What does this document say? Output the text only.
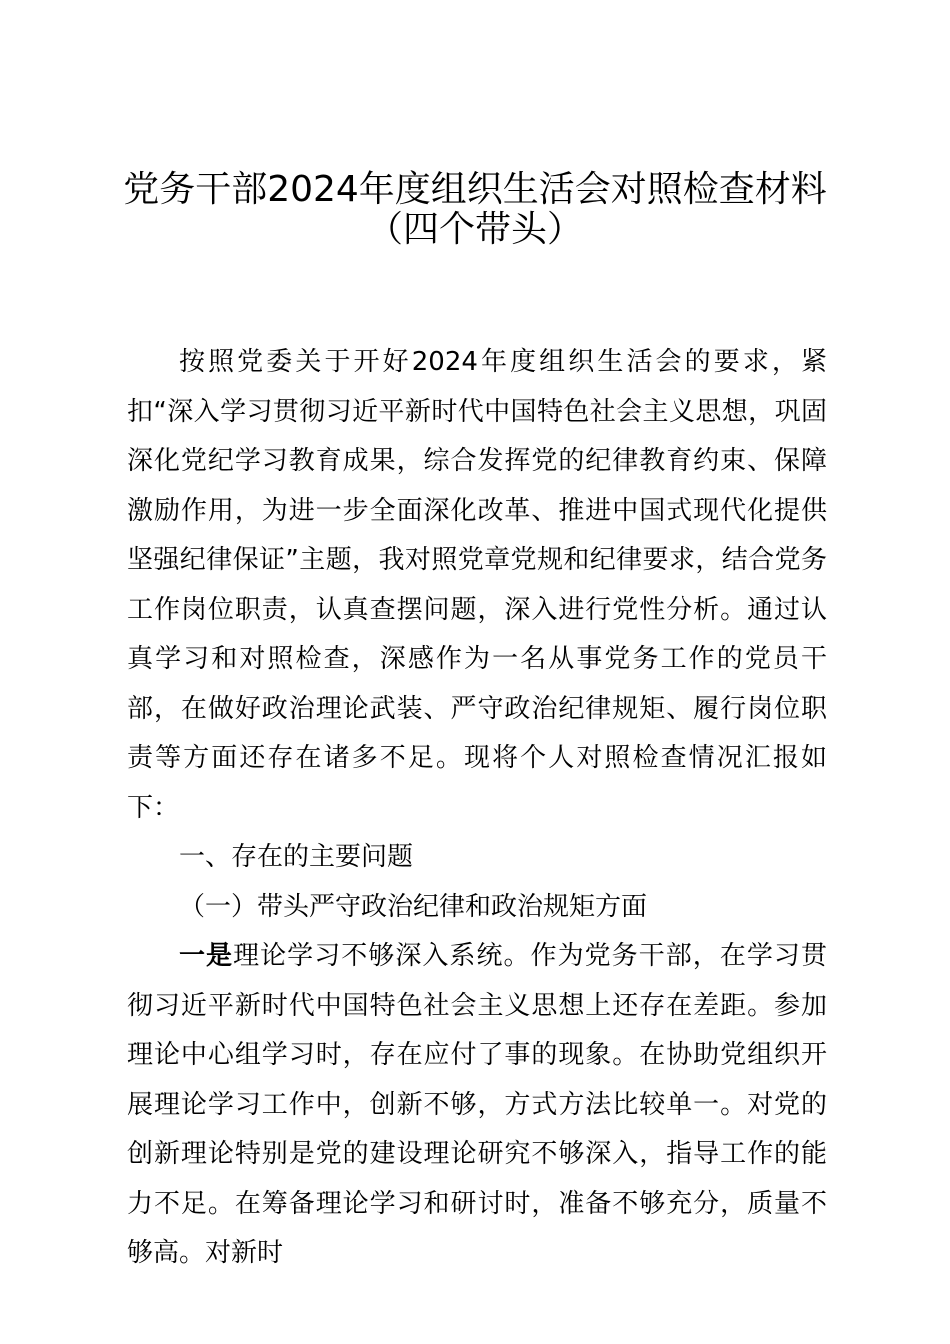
党务干部2024年度组织生活会对照检查材料
（四个带头）

按照党委关于开好2024年度组织生活会的要求，紧扣“深入学习贯彻习近平新时代中国特色社会主义思想，巩固深化党纪学习教育成果，综合发挥党的纪律教育约束、保障激励作用，为进一步全面深化改革、推进中国式现代化提供坚强纪律保证”主题，我对照党章党规和纪律要求，结合党务工作岗位职责，认真查摆问题，深入进行党性分析。通过认真学习和对照检查，深感作为一名从事党务工作的党员干部，在做好政治理论武装、严守政治纪律规矩、履行岗位职责等方面还存在诸多不足。现将个人对照检查情况汇报如下：

一、存在的主要问题

（一）带头严守政治纪律和政治规矩方面

一是理论学习不够深入系统。作为党务干部，在学习贯彻习近平新时代中国特色社会主义思想上还存在差距。参加理论中心组学习时，存在应付了事的现象。在协助党组织开展理论学习工作中，创新不够，方式方法比较单一。对党的创新理论特别是党的建设理论研究不够深入，指导工作的能力不足。在筹备理论学习和研讨时，准备不够充分，质量不够高。对新时
